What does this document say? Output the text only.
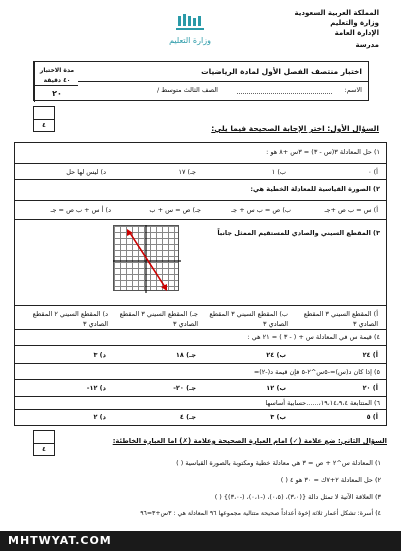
المملكة العربية السعودية
وزارة والتعليم
الإدارة العامة
مدرسة
وزارة التعليم
مدة الاختبار
٤٠ دقيقة
٢٠
اختبار منتصف الفصل الأول لمادة الرياضيات
الاسم:
الصف الثالث متوسط /
٤	السؤال الأول: اختر الإجابة الصحيحة فيما يلي:
١) حل المعادلة ٣(س - ٣) = ٣س +٨ هو :
أ) ٠
ب) ١
جـ) ١٧
د) ليس لها حل
٢) الصورة القياسية للمعادلة الخطية هي:
أ) س = ب ص +جـ
ب) ص = ب س + جـ
جـ) ص = س + ب
د) أ س + ب ص = جـ
٣) المقطع السيني والصادي للمستقيم الممثل جانباً
أ) المقطع السيني ٣ المقطع الصادي ٣
ب) المقطع السيني ٣ المقطع الصادي ٣
جـ) المقطع السيني ٣ المقطع الصادي ٣
د) المقطع السيني ٢ المقطع الصادي ٣
٤) قيمة س في المعادلة س + ( - ٣ ) = ٢١ هي :
أ) ٢٤
ب) ٢٤
جـ) ١٨
د) ٣
٥) إذا كان د(س)=-٥س^٢-٥ فإن قيمة د(-٢)=
أ) ٢٠
ب) ١٢
جـ) ٢٠-
د) ١٢-
٦) المتتابعة ١٩،١٤،٩،٤،......حسابية أساسها
أ) ٥
ب) ٣
جـ) ٤
د) ٢
٤
السؤال الثاني: ضع علامة (✓) امام العبارة الصحيحة وعلامة (✗) اما العبارة الخاطئة:
١) المعادلة س^٢ + ص = ٣ هي معادلة خطية ومكتوبة بالصورة القياسية ( )
٢) حل المعادلة ٢+٧ك = ٣٠ هو ٤ ( )
٣) العلاقة الآتية لا تمثل دالة {(٣،٠)، (٠،٥)، (-٠،١)، (-٣،٠)} ( )
٤) أسرة: تشكل أعمار ثلاثة إخوة أعداداً صحيحة متتالية مجموعها ٩٦ المعادلة هي : ٣س+٣=٩٦
MHTWYAT.COM
